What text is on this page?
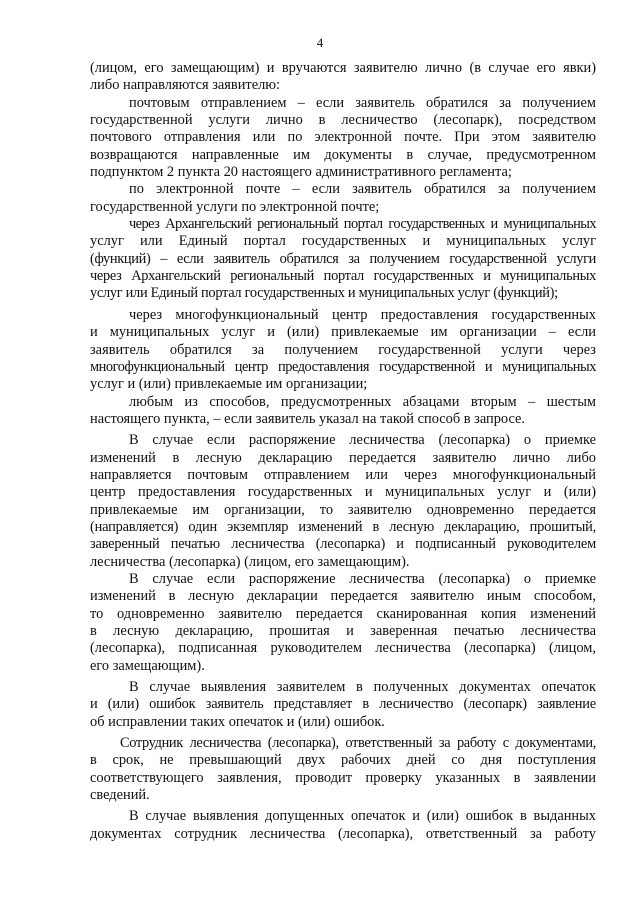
4
(лицом, его замещающим) и вручаются заявителю лично (в случае его явки)
либо направляются заявителю:
почтовым отправлением – если заявитель обратился за получением
государственной услуги лично в лесничество (лесопарк), посредством
почтового отправления или по электронной почте. При этом заявителю
возвращаются направленные им документы в случае, предусмотренном
подпунктом 2 пункта 20 настоящего административного регламента;
по электронной почте – если заявитель обратился за получением
государственной услуги по электронной почте;
через Архангельский региональный портал государственных и муниципальных
услуг или Единый портал государственных и муниципальных услуг
(функций) – если заявитель обратился за получением государственной услуги
через Архангельский региональный портал государственных и муниципальных
услуг или Единый портал государственных и муниципальных услуг (функций);
через многофункциональный центр предоставления государственных
и муниципальных услуг и (или) привлекаемые им организации – если
заявитель обратился за получением государственной услуги через
многофункциональный центр предоставления государственной и муниципальных
услуг и (или) привлекаемые им организации;
любым из способов, предусмотренных абзацами вторым – шестым
настоящего пункта, – если заявитель указал на такой способ в запросе.
В случае если распоряжение лесничества (лесопарка) о приемке
изменений в лесную декларацию передается заявителю лично либо
направляется почтовым отправлением или через многофункциональный
центр предоставления государственных и муниципальных услуг и (или)
привлекаемые им организации, то заявителю одновременно передается
(направляется) один экземпляр изменений в лесную декларацию, прошитый,
заверенный печатью лесничества (лесопарка) и подписанный руководителем
лесничества (лесопарка) (лицом, его замещающим).
В случае если распоряжение лесничества (лесопарка) о приемке
изменений в лесную декларации передается заявителю иным способом,
то одновременно заявителю передается сканированная копия изменений
в лесную декларацию, прошитая и заверенная печатью лесничества
(лесопарка), подписанная руководителем лесничества (лесопарка) (лицом,
его замещающим).
В случае выявления заявителем в полученных документах опечаток
и (или) ошибок заявитель представляет в лесничество (лесопарк) заявление
об исправлении таких опечаток и (или) ошибок.
Сотрудник лесничества (лесопарка), ответственный за работу с документами,
в срок, не превышающий двух рабочих дней со дня поступления
соответствующего заявления, проводит проверку указанных в заявлении
сведений.
В случае выявления допущенных опечаток и (или) ошибок в выданных
документах сотрудник лесничества (лесопарка), ответственный за работу
